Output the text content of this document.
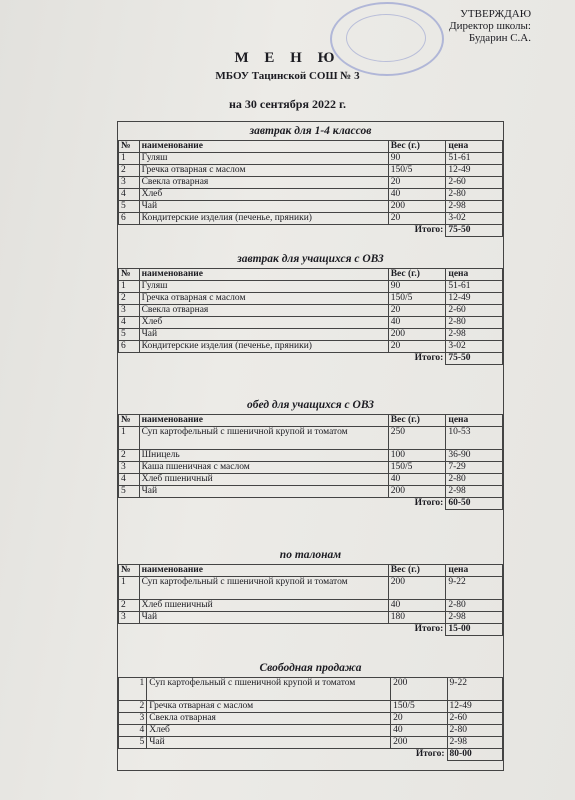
УТВЕРЖДАЮ
Директор школы:
Бударин С.А.
М Е Н Ю
МБОУ Тацинской СОШ № 3
на 30 сентября 2022 г.
завтрак для 1-4 классов
№	наименование	Вес (г.)	цена
1	Гуляш	90	51-61
2	Гречка отварная с маслом	150/5	12-49
3	Свекла отварная	20	2-60
4	Хлеб	40	2-80
5	Чай	200	2-98
6	Кондитерские изделия (печенье, пряники)	20	3-02
Итого:			75-50
завтрак для учащихся с ОВЗ
№	наименование	Вес (г.)	цена
1	Гуляш	90	51-61
2	Гречка отварная с маслом	150/5	12-49
3	Свекла отварная	20	2-60
4	Хлеб	40	2-80
5	Чай	200	2-98
6	Кондитерские изделия (печенье, пряники)	20	3-02
Итого:			75-50
обед для учащихся с ОВЗ
№	наименование	Вес (г.)	цена
1	Суп картофельный с пшеничной крупой и томатом	250	10-53
2	Шницель	100	36-90
3	Каша пшеничная с маслом	150/5	7-29
4	Хлеб пшеничный	40	2-80
5	Чай	200	2-98
Итого:			60-50
по талонам
№	наименование	Вес (г.)	цена
1	Суп картофельный с пшеничной крупой и томатом	200	9-22
2	Хлеб пшеничный	40	2-80
3	Чай	180	2-98
Итого:			15-00
Свободная продажа
1	Суп картофельный с пшеничной крупой и томатом	200	9-22
2	Гречка отварная с маслом	150/5	12-49
3	Свекла отварная	20	2-60
4	Хлеб	40	2-80
5	Чай	200	2-98
Итого:			80-00
